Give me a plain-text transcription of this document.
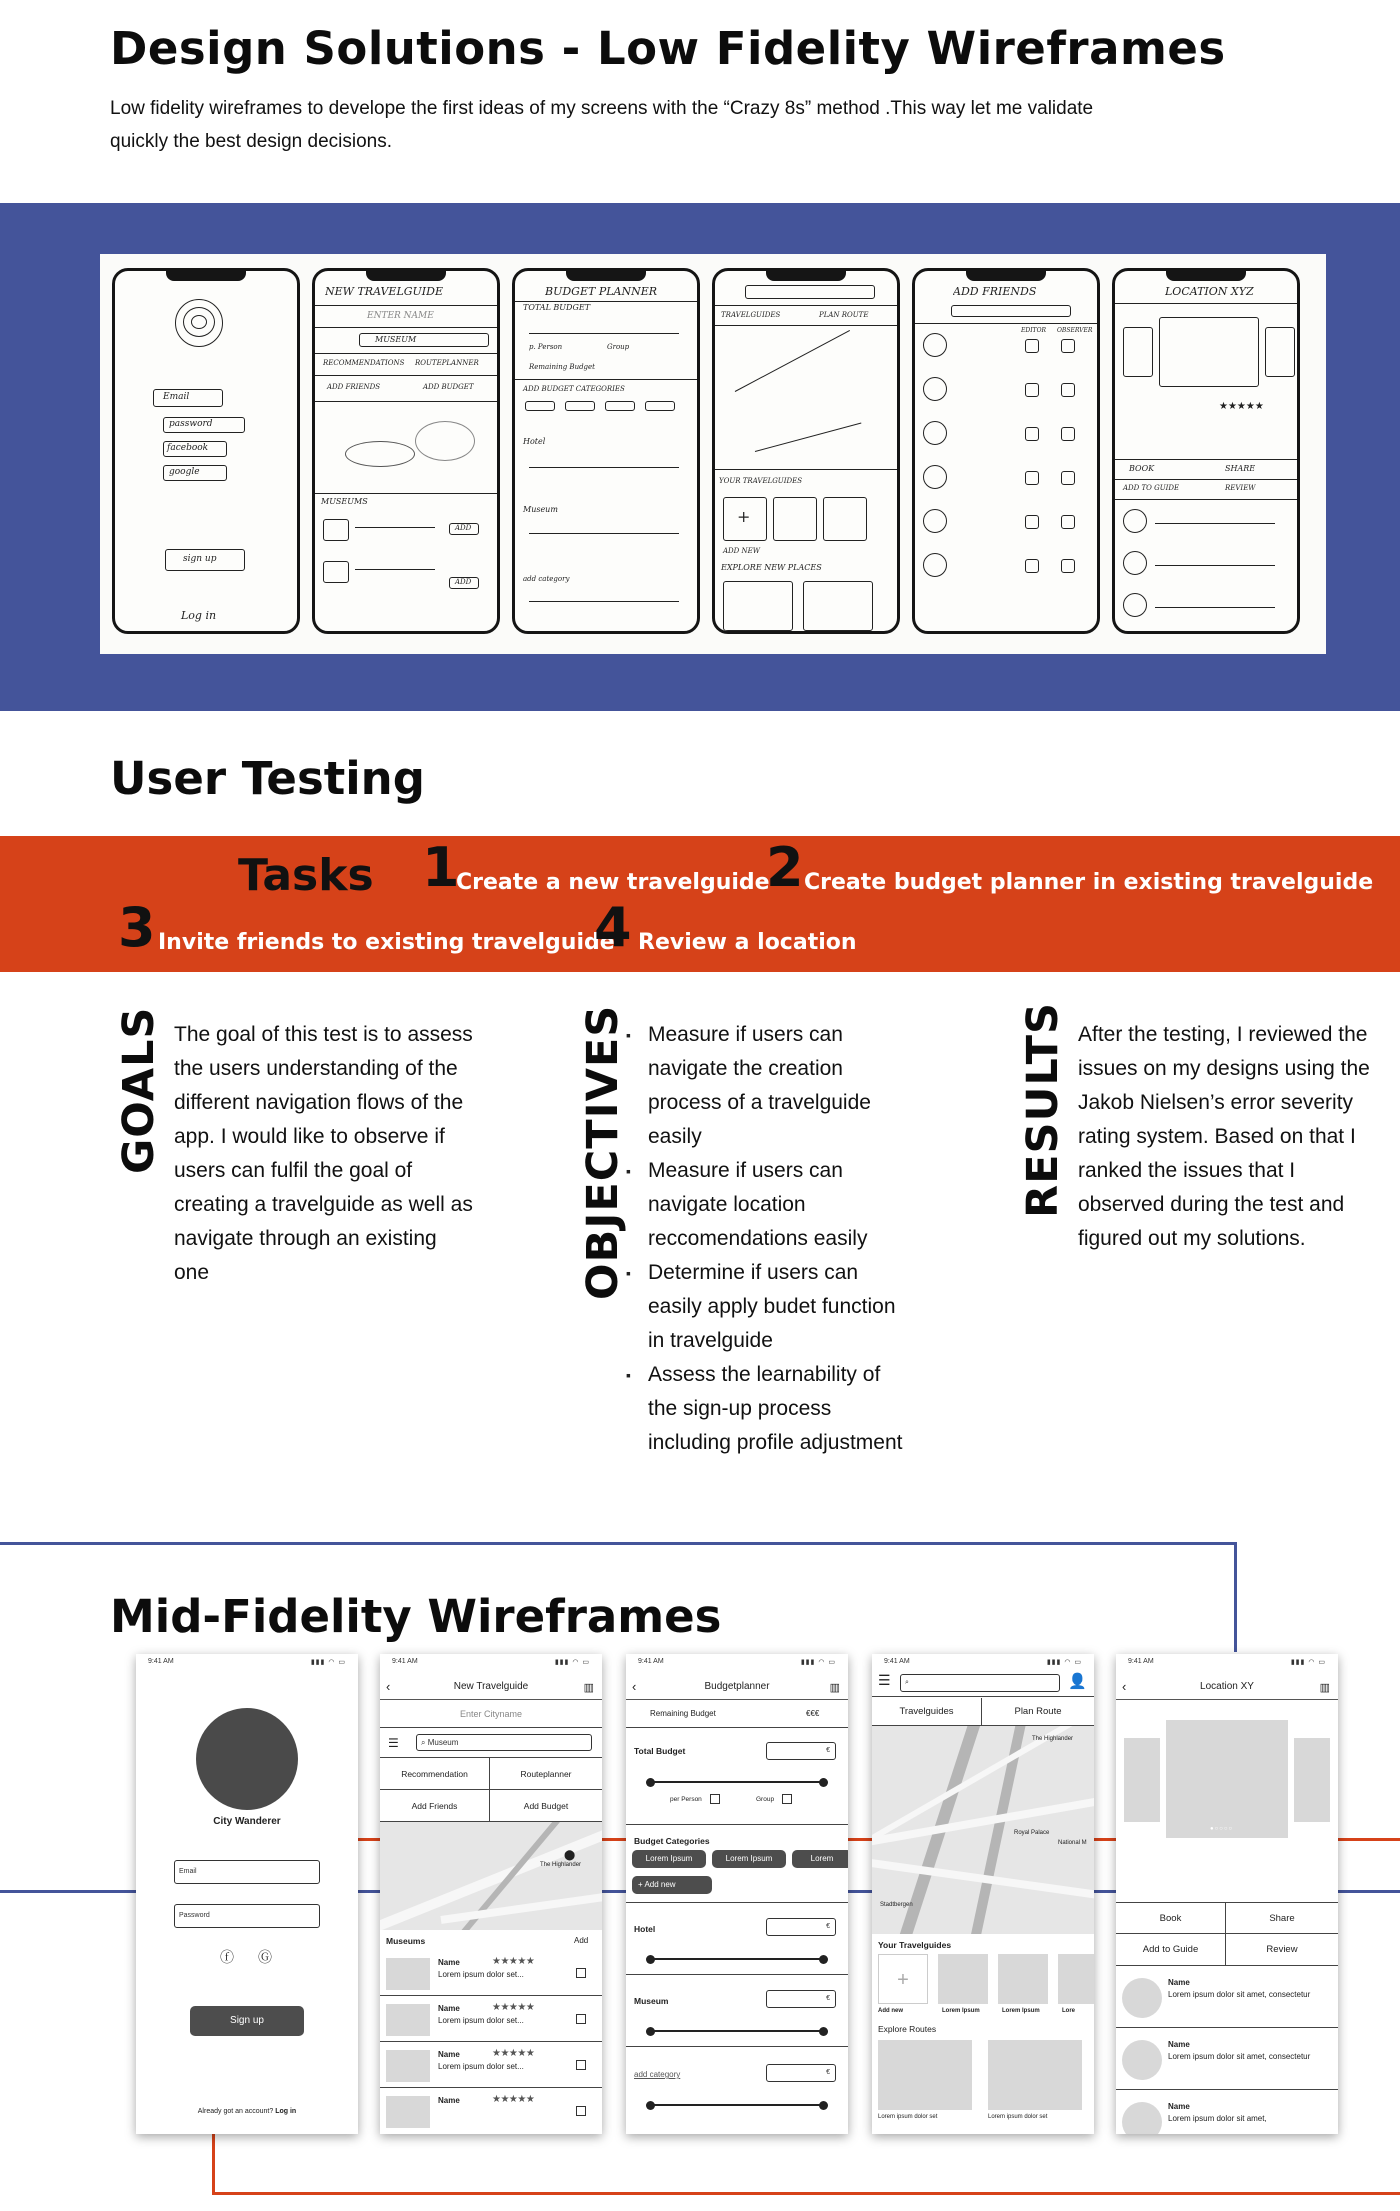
Design Solutions - Low Fidelity Wireframes
Low fidelity wireframes to develope the first ideas of my screens with the “Crazy 8s” method .This way let me validate quickly the best design decisions.
Email
password
facebook
google
sign up
Log in
NEW TRAVELGUIDE
ENTER NAME
MUSEUM
RECOMMENDATIONS ROUTEPLANNER
ADD FRIENDS	ADD BUDGET
MUSEUMS
ADD
ADD
BUDGET PLANNER
TOTAL BUDGET
p. Person	Group
Remaining Budget
ADD BUDGET CATEGORIES
Hotel
Museum
add category
TRAVELGUIDES	PLAN ROUTE
YOUR TRAVELGUIDES
+
ADD NEW
EXPLORE NEW PLACES
ADD FRIENDS
EDITOR OBSERVER
LOCATION XYZ
★★★★★
BOOK	SHARE
ADD TO GUIDE	REVIEW
User Testing
Tasks 1
Create a new travelguide
2 Create budget planner in existing travelguide
3 Invite friends to existing travelguide
4 Review a location
GOALS The goal of this test is to assess the users understanding of the different navigation flows of the app. I would like to observe if users can fulfil the goal of creating a travelguide as well as navigate through an existing one	OBJECTIVES
▪ Measure if users can navigate the creation process of a travelguide easily
▪ Measure if users can navigate location reccomendations easily
▪ Determine if users can easily apply budet function in travelguide
▪ Assess the learnability of the sign-up process including profile adjustment
RESULTS After the testing, I reviewed the issues on my designs using the Jakob Nielsen’s error severity rating system. Based on that I ranked the issues that I observed during the test and figured out my solutions.
Mid-Fidelity Wireframes
9:41 AM	▮▮▮ ◠ ▭
City Wanderer
Email
Password
ⓕ Ⓖ
Sign up
Already got an account? Log in
9:41 AM	▮▮▮ ◠ ▭
‹	New Travelguide	▥
Enter Cityname
☰	⌕ Museum
Recommendation	Routeplanner
Add Friends	Add Budget
The Highlander
⬤
Museums	Add
Name	★★★★★
Lorem ipsum dolor set...
Name	★★★★★
Lorem ipsum dolor set...
Name	★★★★★
Lorem ipsum dolor set...
Name	★★★★★
9:41 AM	▮▮▮ ◠ ▭
‹	Budgetplanner	▥
Remaining Budget	€€€
Total Budget	€
per Person	Group
Budget Categories
Lorem Ipsum	Lorem Ipsum	Lorem
+ Add new
Hotel	€
Museum	€
add category	€
9:41 AM	▮▮▮ ◠ ▭
☰	⌕	👤
Travelguides	Plan Route
The Highlander
Royal Palace
National M
Stadtbergen
Your Travelguides
+
Add new	Lorem Ipsum	Lorem Ipsum	Lore
Explore Routes
Lorem ipsum dolor set	Lorem ipsum dolor set
9:41 AM	▮▮▮ ◠ ▭
‹	Location XY	▥
●○○○○
Book	Share
Add to Guide	Review
Name
Lorem ipsum dolor sit amet, consectetur
Name
Lorem ipsum dolor sit amet, consectetur
Name
Lorem ipsum dolor sit amet,
